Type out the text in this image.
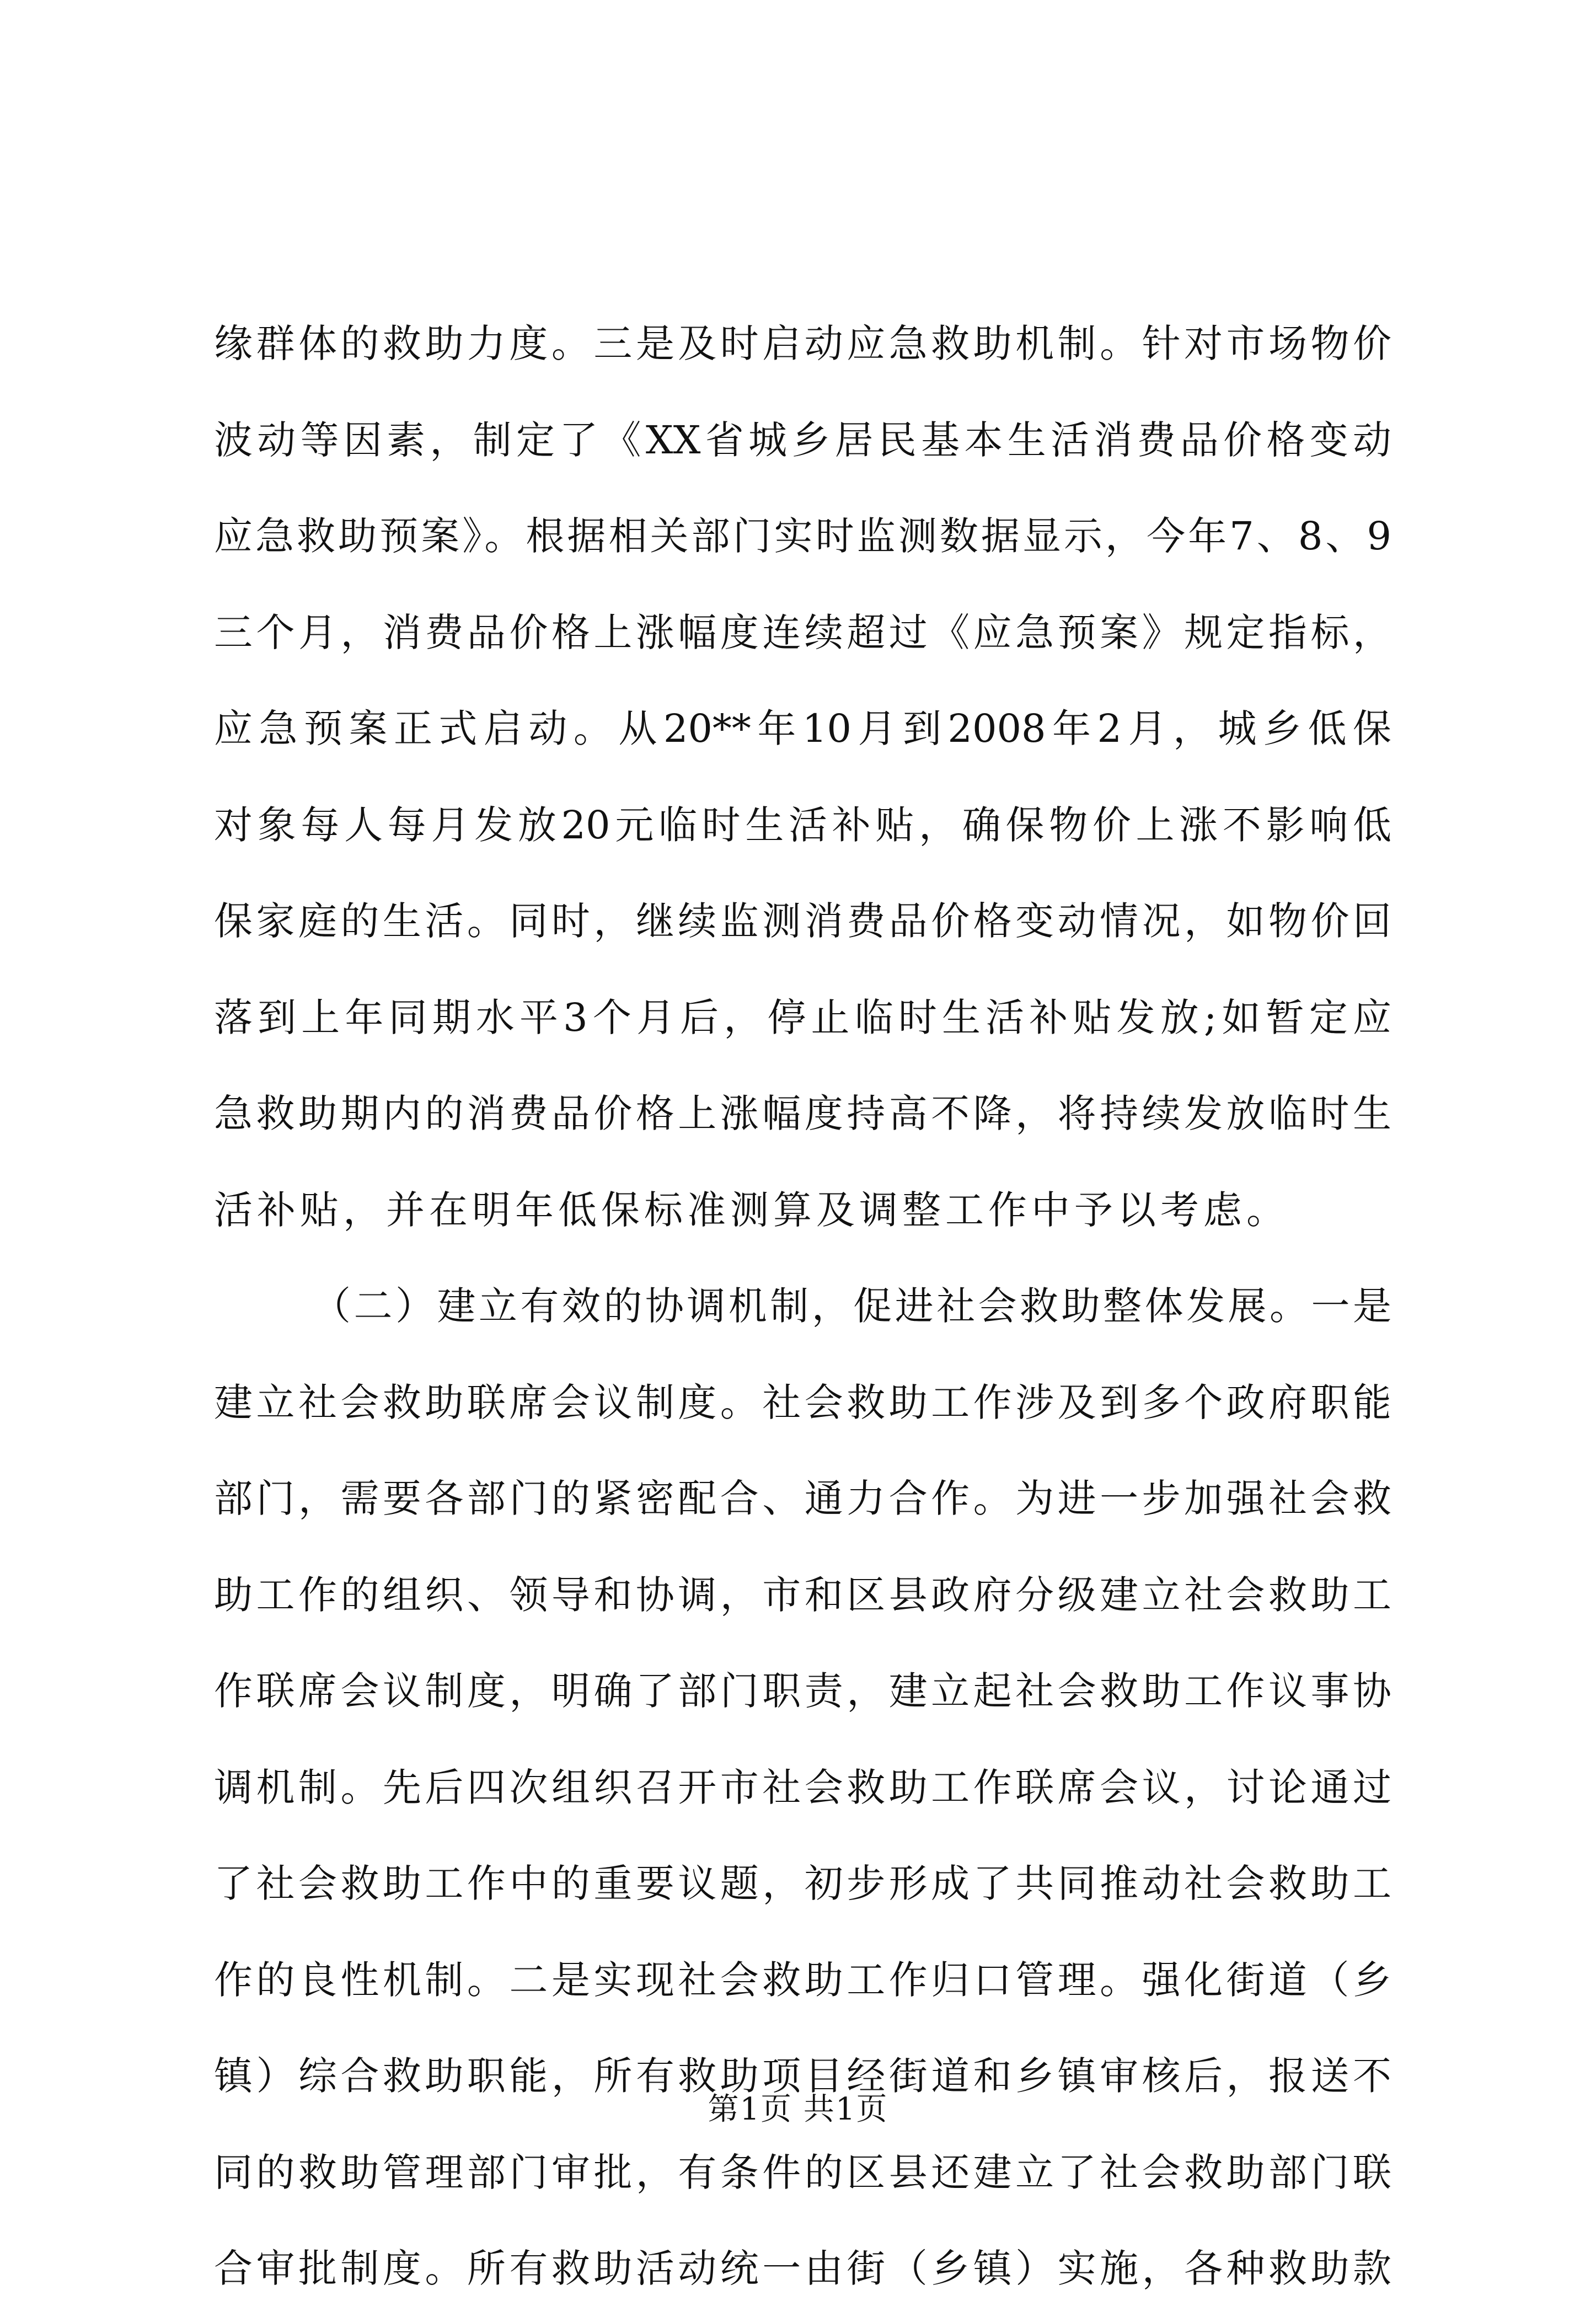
缘群体的救助力度。三是及时启动应急救助机制。针对市场物价
波动等因素，制定了《XX省城乡居民基本生活消费品价格变动
应急救助预案》。根据相关部门实时监测数据显示，今年7、8、9
三个月，消费品价格上涨幅度连续超过《应急预案》规定指标，
应急预案正式启动。从20**年10月到2008年2月，城乡低保
对象每人每月发放20元临时生活补贴，确保物价上涨不影响低
保家庭的生活。同时，继续监测消费品价格变动情况，如物价回
落到上年同期水平3个月后，停止临时生活补贴发放;如暂定应
急救助期内的消费品价格上涨幅度持高不降，将持续发放临时生
活补贴，并在明年低保标准测算及调整工作中予以考虑。
（二）建立有效的协调机制，促进社会救助整体发展。一是
建立社会救助联席会议制度。社会救助工作涉及到多个政府职能
部门，需要各部门的紧密配合、通力合作。为进一步加强社会救
助工作的组织、领导和协调，市和区县政府分级建立社会救助工
作联席会议制度，明确了部门职责，建立起社会救助工作议事协
调机制。先后四次组织召开市社会救助工作联席会议，讨论通过
了社会救助工作中的重要议题，初步形成了共同推动社会救助工
作的良性机制。二是实现社会救助工作归口管理。强化街道（乡
镇）综合救助职能，所有救助项目经街道和乡镇审核后，报送不
同的救助管理部门审批，有条件的区县还建立了社会救助部门联
合审批制度。所有救助活动统一由街（乡镇）实施，各种救助款
第1页 共1页
